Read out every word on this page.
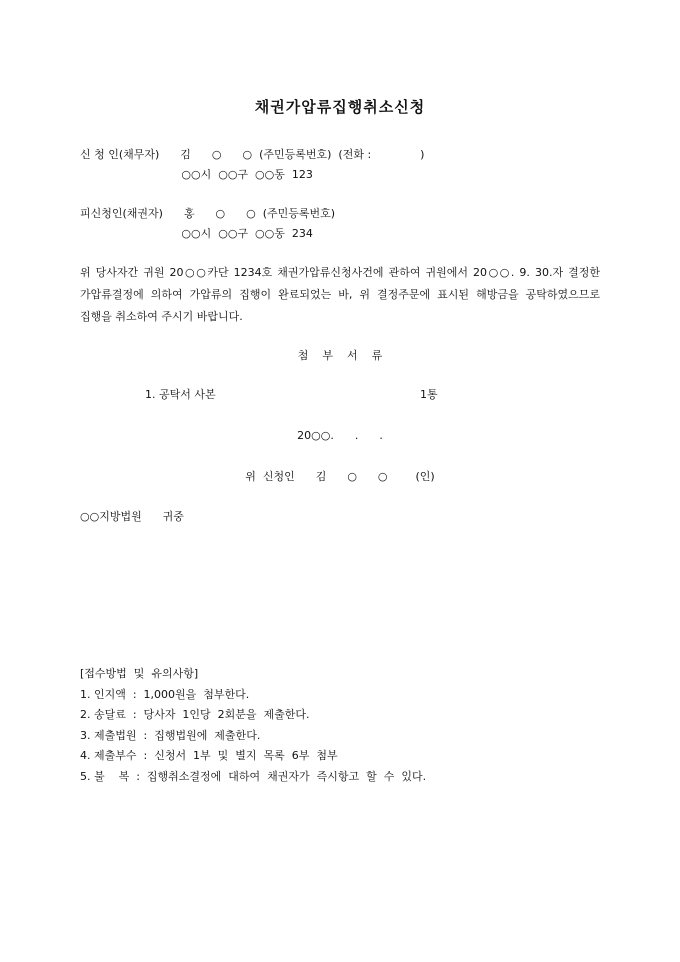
채권가압류집행취소신청
신 청 인(채무자)      김      ○      ○  (주민등록번호)  (전화 :              )
○○시  ○○구  ○○동  123
피신청인(채권자)      홍      ○      ○  (주민등록번호)
○○시  ○○구  ○○동  234
위 당사자간 귀원 20○○카단 1234호 채권가압류신청사건에 관하여 귀원에서 20○○. 9. 30.자 결정한 가압류결정에 의하여 가압류의 집행이 완료되었는 바, 위 결정주문에 표시된 해방금을 공탁하였으므로 집행을 취소하여 주시기 바랍니다.
첨    부    서    류
1. 공탁서 사본	1통
20○○.      .      .
위  신청인      김      ○      ○        (인)
○○지방법원      귀중
[접수방법  및  유의사항]
1. 인지액  :  1,000원을  첨부한다.
2. 송달료  :  당사자  1인당  2회분을  제출한다.
3. 제출법원  :  집행법원에  제출한다.
4. 제출부수  :  신청서  1부  및  별지  목록  6부  첨부
5. 불    복  :  집행취소결정에  대하여  채권자가  즉시항고  할  수  있다.
